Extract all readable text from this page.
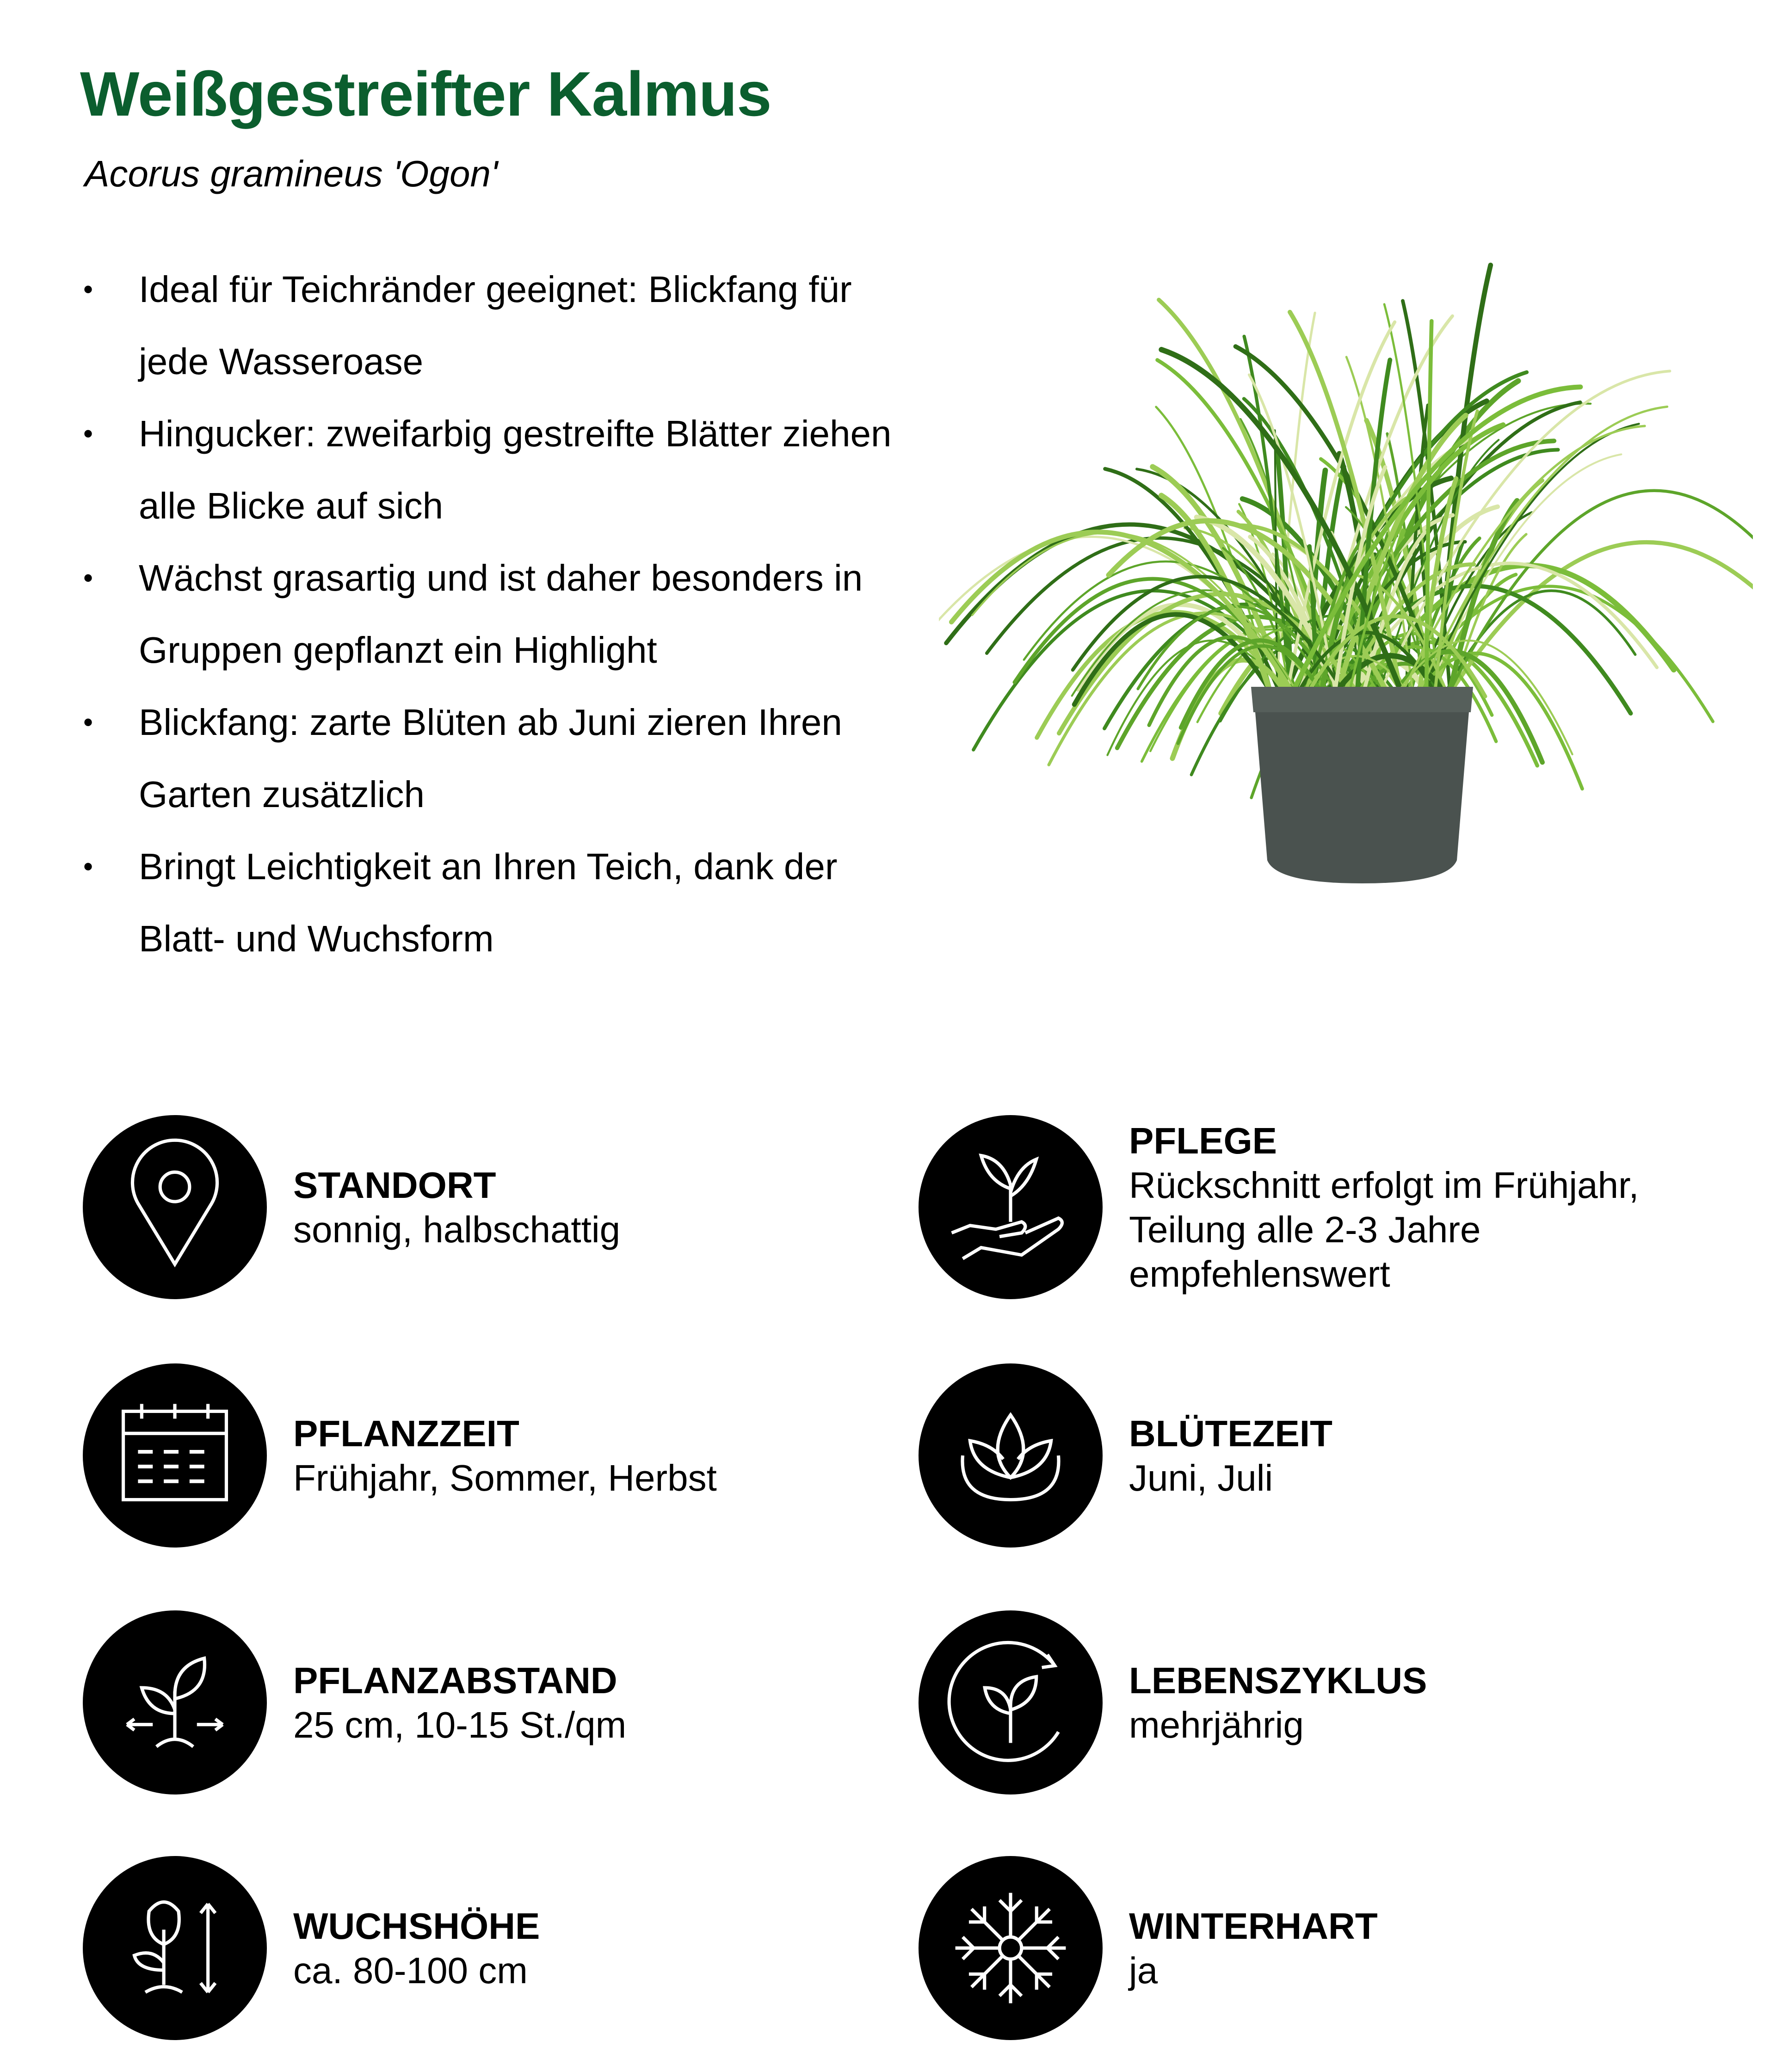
Weißgestreifter Kalmus
Acorus gramineus 'Ogon'
• Ideal für Teichränder geeignet: Blickfang für jede Wasseroase
• Hingucker: zweifarbig gestreifte Blätter ziehen alle Blicke auf sich
• Wächst grasartig und ist daher besonders in Gruppen gepflanzt ein Highlight
• Blickfang: zarte Blüten ab Juni zieren Ihren Garten zusätzlich
• Bringt Leichtigkeit an Ihren Teich, dank der Blatt- und Wuchsform
STANDORT
sonnig, halbschattig
PFLEGE
Rückschnitt erfolgt im Frühjahr, Teilung alle 2-3 Jahre empfehlenswert
PFLANZZEIT
Frühjahr, Sommer, Herbst
BLÜTEZEIT
Juni, Juli
PFLANZABSTAND
25 cm, 10-15 St./qm
LEBENSZYKLUS
mehrjährig
WUCHSHÖHE
ca. 80-100 cm
WINTERHART
ja
